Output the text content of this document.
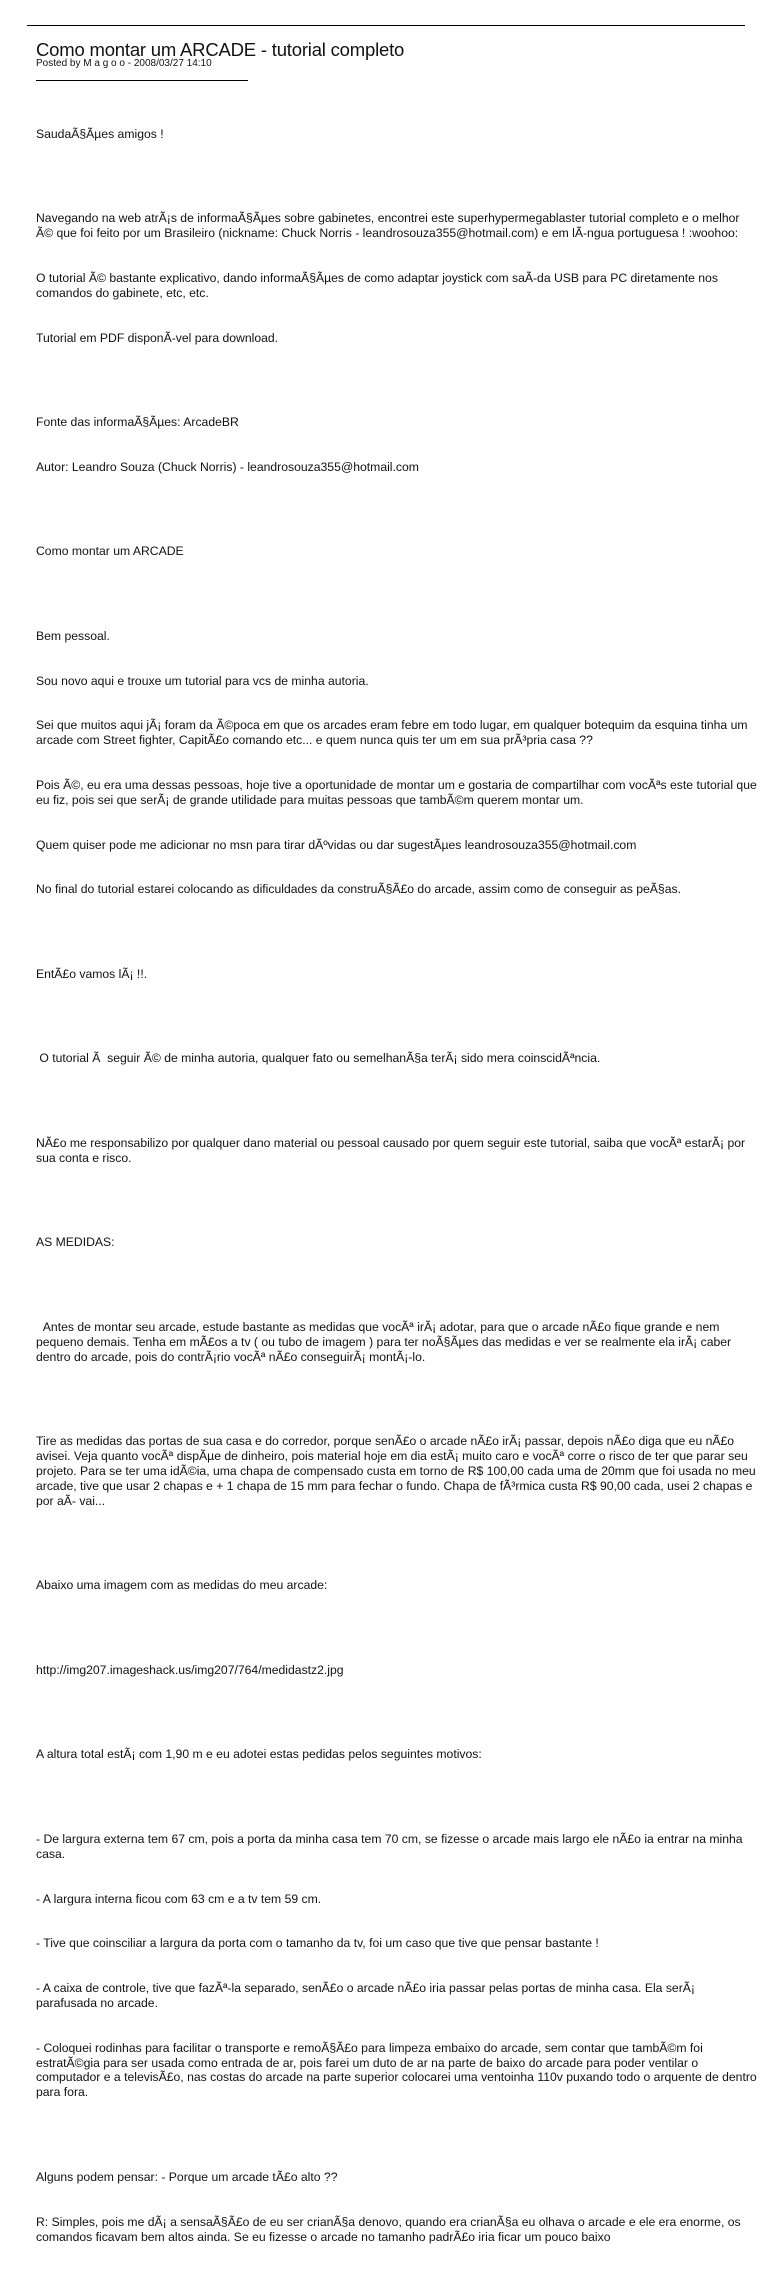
Como montar um ARCADE - tutorial completo
Posted by M a g o o - 2008/03/27 14:10

SaudaÃ§Ãµes amigos !

Navegando na web atrÃ¡s de informaÃ§Ãµes sobre gabinetes, encontrei este superhypermegablaster tutorial completo e o melhor Ã© que foi feito por um Brasileiro (nickname: Chuck Norris - leandrosouza355@hotmail.com) e em lÃ-ngua portuguesa ! :woohoo:

O tutorial Ã© bastante explicativo, dando informaÃ§Ãµes de como adaptar joystick com saÃ-da USB para PC diretamente nos comandos do gabinete, etc, etc.

Tutorial em PDF disponÃ-vel para download.

Fonte das informaÃ§Ãµes: ArcadeBR

Autor: Leandro Souza (Chuck Norris) - leandrosouza355@hotmail.com

Como montar um ARCADE

Bem pessoal.

Sou novo aqui e trouxe um tutorial para vcs de minha autoria.

Sei que muitos aqui jÃ¡ foram da Ã©poca em que os arcades eram febre em todo lugar, em qualquer botequim da esquina tinha um arcade com Street fighter, CapitÃ£o comando etc... e quem nunca quis ter um em sua prÃ³pria casa ??

Pois Ã©, eu era uma dessas pessoas, hoje tive a oportunidade de montar um e gostaria de compartilhar com vocÃªs este tutorial que eu fiz, pois sei que serÃ¡ de grande utilidade para muitas pessoas que tambÃ©m querem montar um.

Quem quiser pode me adicionar no msn para tirar dÃºvidas ou dar sugestÃµes leandrosouza355@hotmail.com

No final do tutorial estarei colocando as dificuldades da construÃ§Ã£o do arcade, assim como de conseguir as peÃ§as.

EntÃ£o vamos lÃ¡ !!.

O tutorial Ã  seguir Ã© de minha autoria, qualquer fato ou semelhanÃ§a terÃ¡ sido mera coinscidÃªncia.

NÃ£o me responsabilizo por qualquer dano material ou pessoal causado por quem seguir este tutorial, saiba que vocÃª estarÃ¡ por sua conta e risco.

AS MEDIDAS:

Antes de montar seu arcade, estude bastante as medidas que vocÃª irÃ¡ adotar, para que o arcade nÃ£o fique grande e nem pequeno demais. Tenha em mÃ£os a tv ( ou tubo de imagem ) para ter noÃ§Ãµes das medidas e ver se realmente ela irÃ¡ caber dentro do arcade, pois do contrÃ¡rio vocÃª nÃ£o conseguirÃ¡ montÃ¡-lo.

Tire as medidas das portas de sua casa e do corredor, porque senÃ£o o arcade nÃ£o irÃ¡ passar, depois nÃ£o diga que eu nÃ£o avisei. Veja quanto vocÃª dispÃµe de dinheiro, pois material hoje em dia estÃ¡ muito caro e vocÃª corre o risco de ter que parar seu projeto. Para se ter uma idÃ©ia, uma chapa de compensado custa em torno de R$ 100,00 cada uma de 20mm que foi usada no meu arcade, tive que usar 2 chapas e + 1 chapa de 15 mm para fechar o fundo. Chapa de fÃ³rmica custa R$ 90,00 cada, usei 2 chapas e por aÃ- vai...

Abaixo uma imagem com as medidas do meu arcade:

http://img207.imageshack.us/img207/764/medidastz2.jpg

A altura total estÃ¡ com 1,90 m e eu adotei estas pedidas pelos seguintes motivos:

- De largura externa tem 67 cm, pois a porta da minha casa tem 70 cm, se fizesse o arcade mais largo ele nÃ£o ia entrar na minha casa.

- A largura interna ficou com 63 cm e a tv tem 59 cm.

- Tive que coinsciliar a largura da porta com o tamanho da tv, foi um caso que tive que pensar bastante !

- A caixa de controle, tive que fazÃª-la separado, senÃ£o o arcade nÃ£o iria passar pelas portas de minha casa. Ela serÃ¡ parafusada no arcade.

- Coloquei rodinhas para facilitar o transporte e remoÃ§Ã£o para limpeza embaixo do arcade, sem contar que tambÃ©m foi estratÃ©gia para ser usada como entrada de ar, pois farei um duto de ar na parte de baixo do arcade para poder ventilar o computador e a televisÃ£o, nas costas do arcade na parte superior colocarei uma ventoinha 110v puxando todo o arquente de dentro para fora.

Alguns podem pensar: - Porque um arcade tÃ£o alto ??

R: Simples, pois me dÃ¡ a sensaÃ§Ã£o de eu ser crianÃ§a denovo, quando era crianÃ§a eu olhava o arcade e ele era enorme, os comandos ficavam bem altos ainda. Se eu fizesse o arcade no tamanho padrÃ£o iria ficar um pouco baixo
